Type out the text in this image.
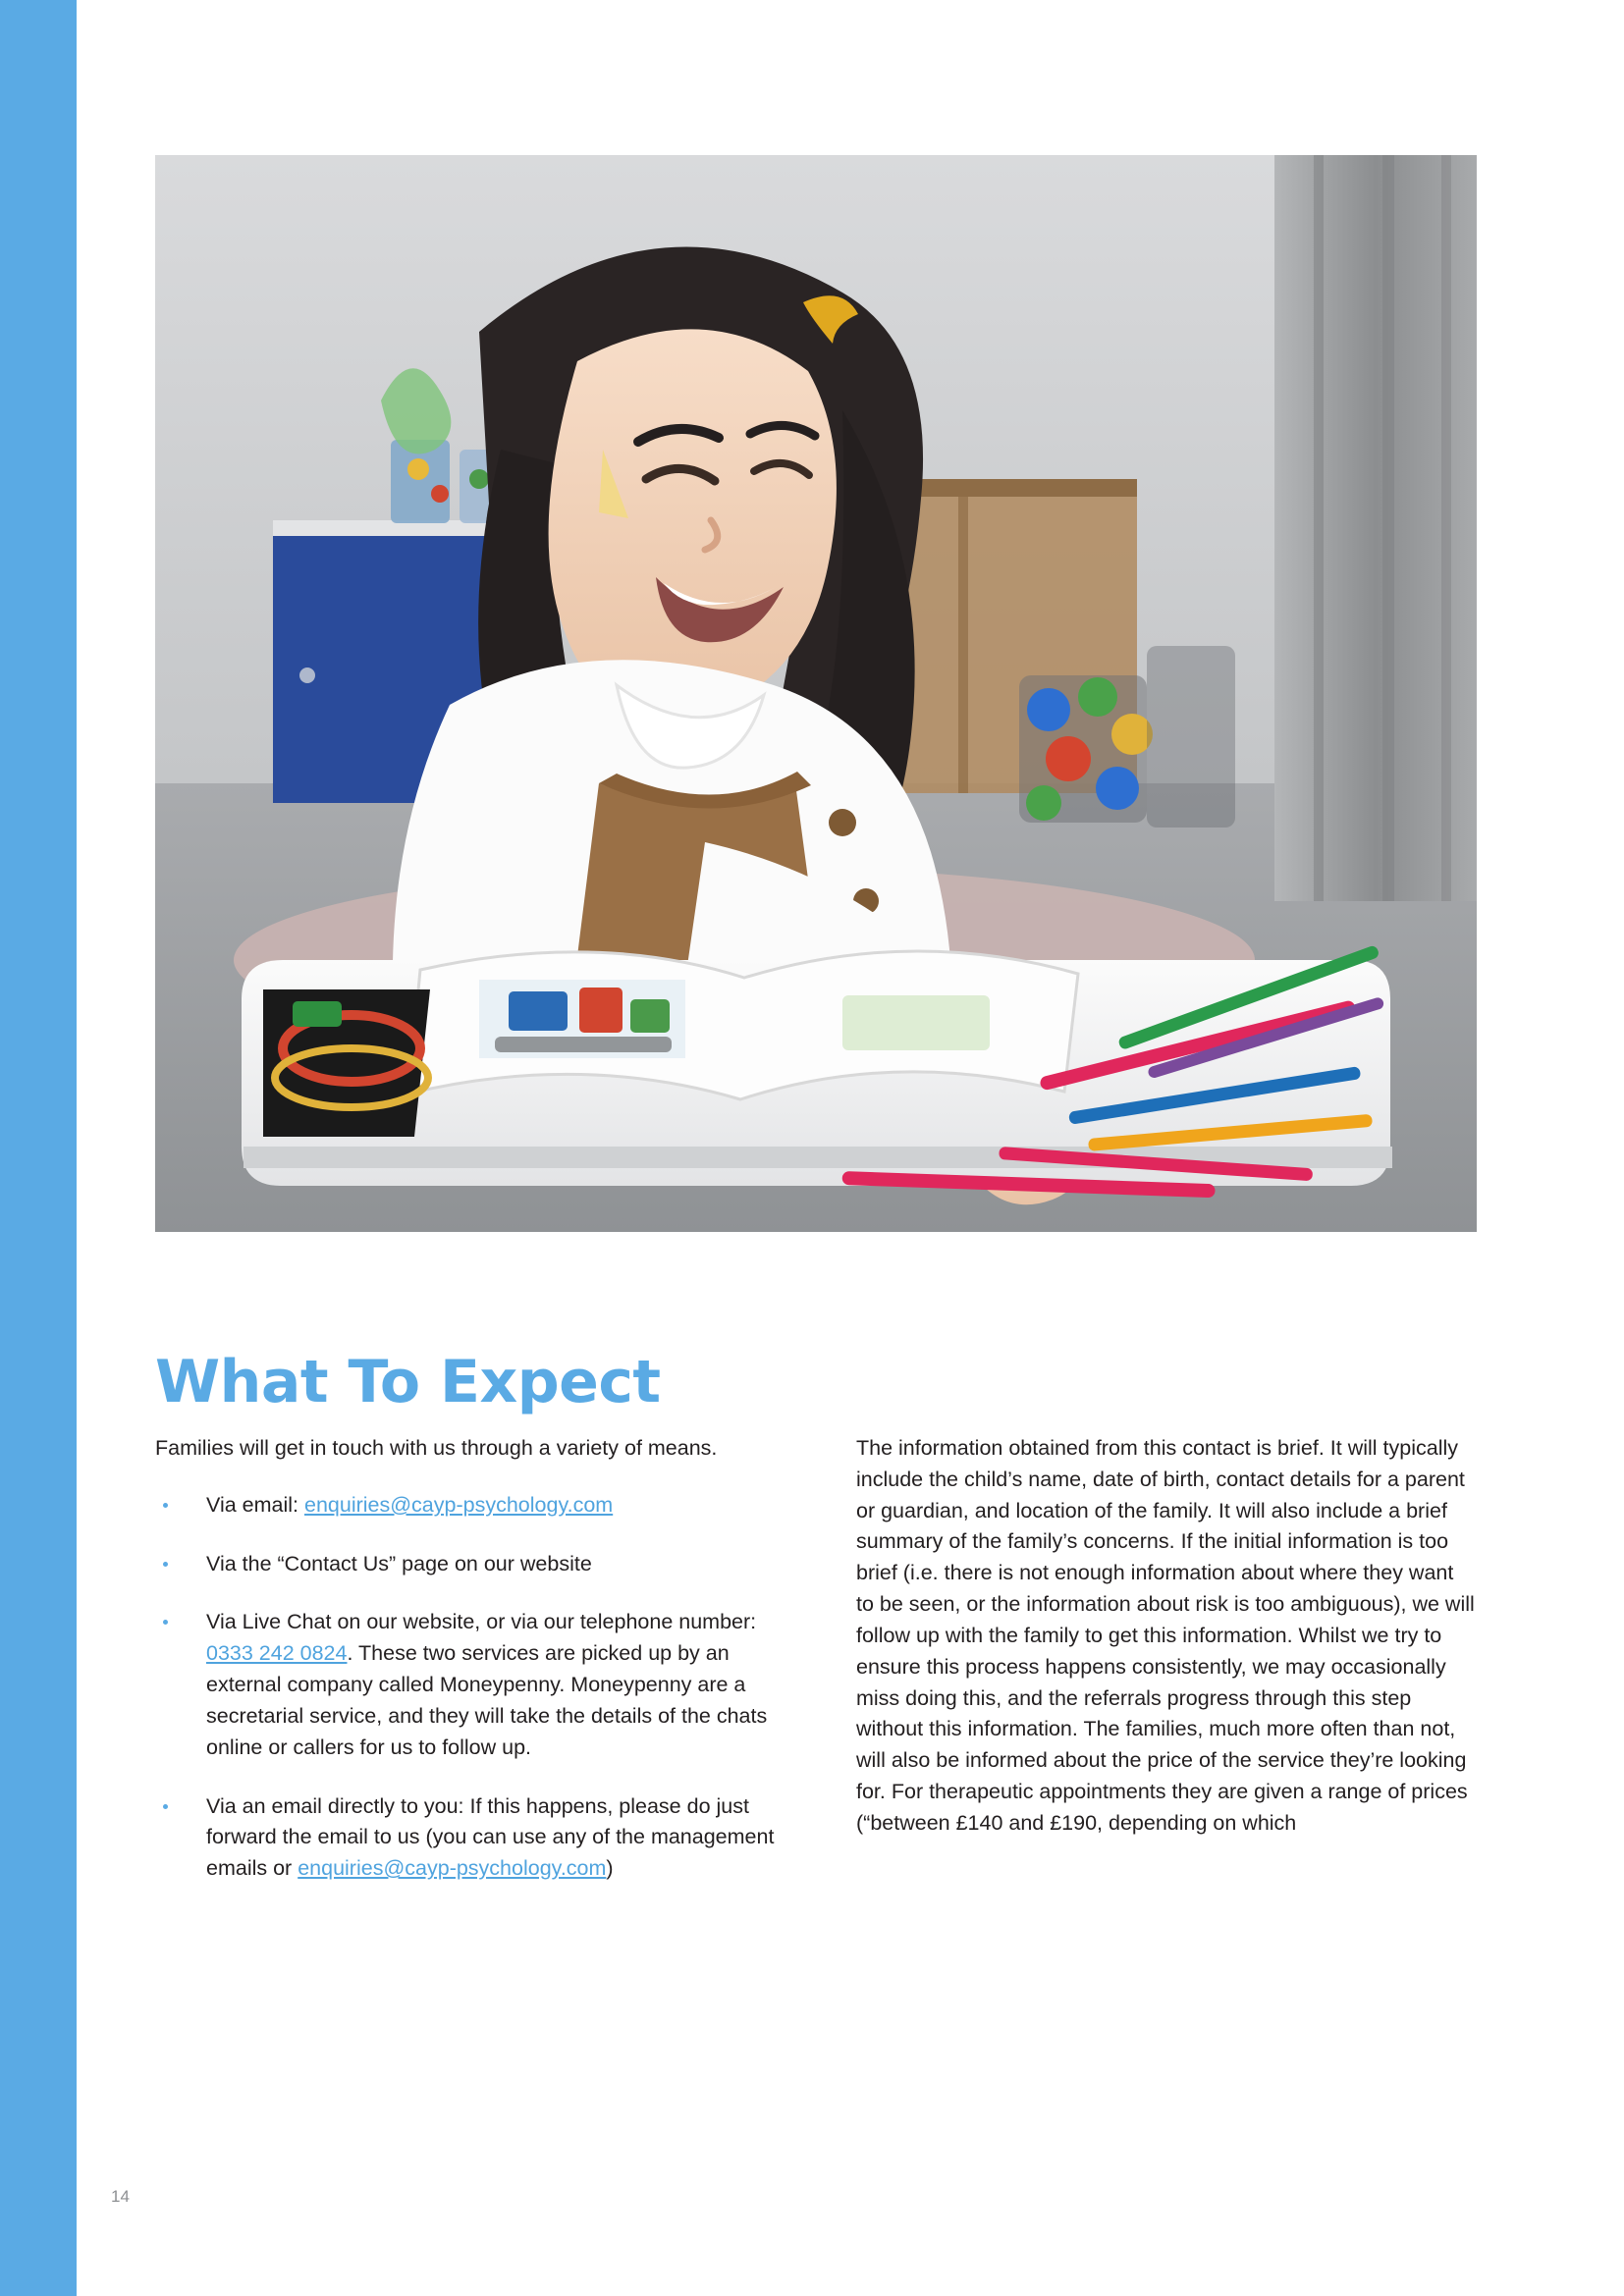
What To Expect

Families will get in touch with us through a variety of means.

Via email: enquiries@cayp-psychology.com
Via the “Contact Us” page on our website
Via Live Chat on our website, or via our telephone number: 0333 242 0824. These two services are picked up by an external company called Moneypenny. Moneypenny are a secretarial service, and they will take the details of the chats online or callers for us to follow up.
Via an email directly to you: If this happens, please do just forward the email to us (you can use any of the management emails or enquiries@cayp-psychology.com)

The information obtained from this contact is brief. It will typically include the child’s name, date of birth, contact details for a parent or guardian, and location of the family. It will also include a brief summary of the family’s concerns. If the initial information is too brief (i.e. there is not enough information about where they want to be seen, or the information about risk is too ambiguous), we will follow up with the family to get this information. Whilst we try to ensure this process happens consistently, we may occasionally miss doing this, and the referrals progress through this step without this information. The families, much more often than not, will also be informed about the price of the service they’re looking for. For therapeutic appointments they are given a range of prices (“between £140 and £190, depending on which

14
